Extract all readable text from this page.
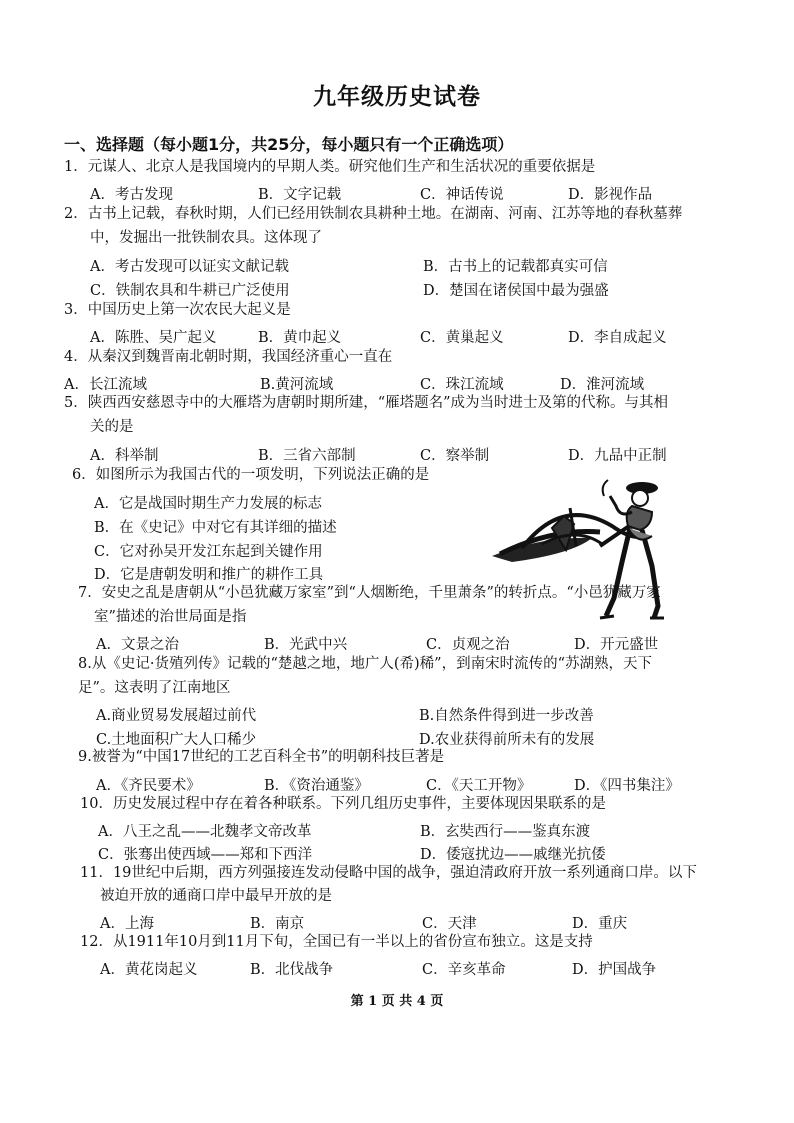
九年级历史试卷
一、选择题（每小题1分，共25分，每小题只有一个正确选项）
1．元谋人、北京人是我国境内的早期人类。研究他们生产和生活状况的重要依据是
A．考古发现	B．文字记载	C．神话传说	D．影视作品
2．古书上记载，春秋时期，人们已经用铁制农具耕种土地。在湖南、河南、江苏等地的春秋墓葬
中，发掘出一批铁制农具。这体现了
A．考古发现可以证实文献记载	B．古书上的记载都真实可信
C．铁制农具和牛耕已广泛使用	D．楚国在诸侯国中最为强盛
3．中国历史上第一次农民大起义是
A．陈胜、吴广起义	B．黄巾起义	C．黄巢起义	D．李自成起义
4．从秦汉到魏晋南北朝时期，我国经济重心一直在
A．长江流域	B.黄河流域	C．珠江流域	D．淮河流域
5．陕西西安慈恩寺中的大雁塔为唐朝时期所建，“雁塔题名”成为当时进士及第的代称。与其相
关的是
A．科举制	B．三省六部制	C．察举制	D．九品中正制
6．如图所示为我国古代的一项发明，下列说法正确的是
A．它是战国时期生产力发展的标志
B．在《史记》中对它有其详细的描述
C．它对孙吴开发江东起到关键作用
D．它是唐朝发明和推广的耕作工具
7．安史之乱是唐朝从“小邑犹藏万家室”到“人烟断绝，千里萧条”的转折点。“小邑犹藏万家
室”描述的治世局面是指
A．文景之治	B．光武中兴	C．贞观之治	D．开元盛世
8.从《史记·货殖列传》记载的“楚越之地，地广人(希)稀”，到南宋时流传的“苏湖熟，天下
足”。这表明了江南地区
A.商业贸易发展超过前代	B.自然条件得到进一步改善
C.土地面积广大人口稀少	D.农业获得前所未有的发展
9.被誉为“中国17世纪的工艺百科全书”的明朝科技巨著是
A．《齐民要术》	B．《资治通鉴》	C．《天工开物》	D．《四书集注》
10．历史发展过程中存在着各种联系。下列几组历史事件，主要体现因果联系的是
A．八王之乱——北魏孝文帝改革	B．玄奘西行——鉴真东渡
C．张骞出使西域——郑和下西洋	D．倭寇扰边——戚继光抗倭
11．19世纪中后期，西方列强接连发动侵略中国的战争，强迫清政府开放一系列通商口岸。以下
被迫开放的通商口岸中最早开放的是
A．上海	B．南京	C．天津	D．重庆
12．从1911年10月到11月下旬，全国已有一半以上的省份宣布独立。这是支持
A．黄花岗起义	B．北伐战争	C．辛亥革命	D．护国战争
第 1 页 共 4 页
